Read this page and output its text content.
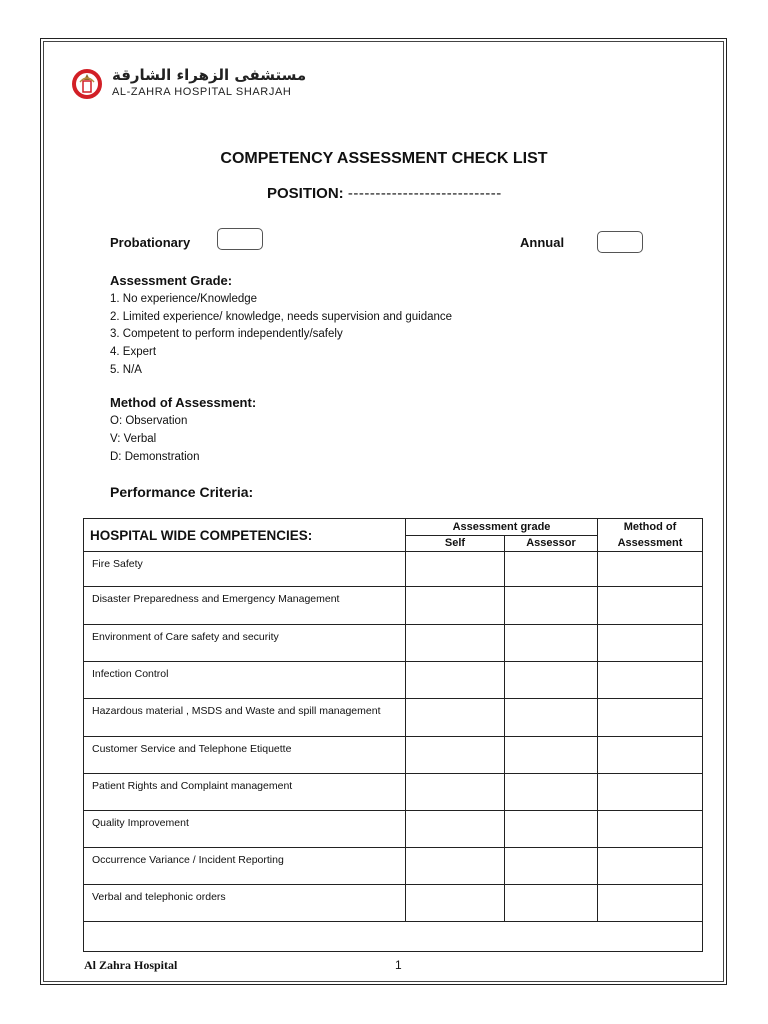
مستشفى الزهراء الشارقة
AL-ZAHRA HOSPITAL SHARJAH
COMPETENCY ASSESSMENT CHECK LIST
POSITION: ----------------------------
Probationary	Annual
Assessment Grade:
1. No experience/Knowledge
2. Limited experience/ knowledge, needs supervision and guidance
3. Competent to perform independently/safely
4. Expert
5. N/A
Method of Assessment:
O: Observation
V: Verbal
D: Demonstration
Performance Criteria:
HOSPITAL WIDE COMPETENCIES:	Assessment grade		Method of Assessment
	Self	Assessor	
Fire Safety			
Disaster Preparedness and Emergency Management			
Environment of Care safety and security			
Infection Control			
Hazardous material , MSDS and Waste and spill management			
Customer Service and Telephone Etiquette			
Patient Rights and Complaint management			
Quality Improvement			
Occurrence Variance / Incident Reporting			
Verbal and telephonic orders			

Al Zahra Hospital	1
